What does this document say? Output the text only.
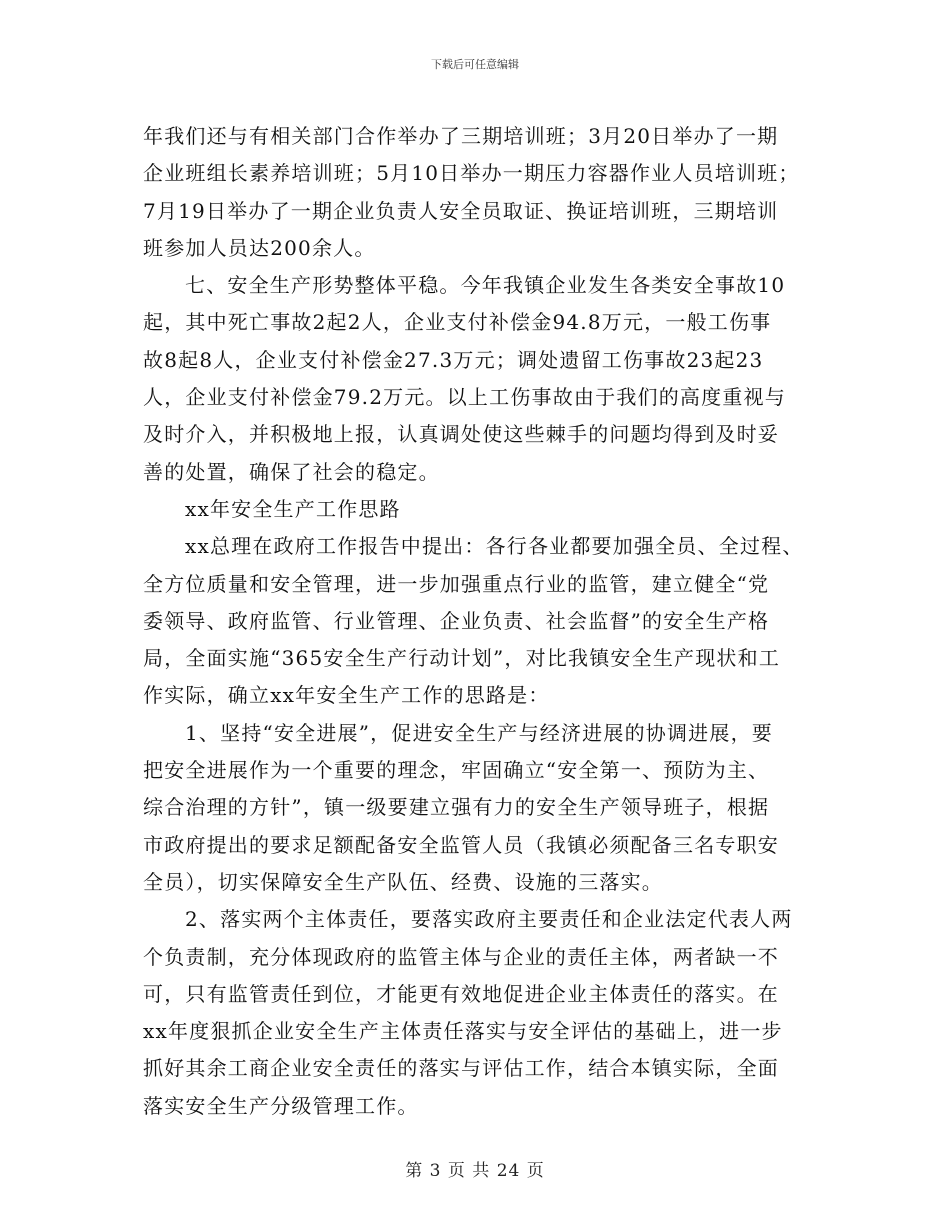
下载后可任意编辑
年我们还与有相关部门合作举办了三期培训班；3月20日举办了一期
企业班组长素养培训班；5月10日举办一期压力容器作业人员培训班；
7月19日举办了一期企业负责人安全员取证、换证培训班，三期培训
班参加人员达200余人。
七、安全生产形势整体平稳。今年我镇企业发生各类安全事故10
起，其中死亡事故2起2人，企业支付补偿金94.8万元，一般工伤事
故8起8人，企业支付补偿金27.3万元；调处遗留工伤事故23起23
人，企业支付补偿金79.2万元。以上工伤事故由于我们的高度重视与
及时介入，并积极地上报，认真调处使这些棘手的问题均得到及时妥
善的处置，确保了社会的稳定。
xx年安全生产工作思路
xx总理在政府工作报告中提出：各行各业都要加强全员、全过程、
全方位质量和安全管理，进一步加强重点行业的监管，建立健全“党
委领导、政府监管、行业管理、企业负责、社会监督”的安全生产格
局，全面实施“365安全生产行动计划”，对比我镇安全生产现状和工
作实际，确立xx年安全生产工作的思路是：
1、坚持“安全进展”，促进安全生产与经济进展的协调进展，要
把安全进展作为一个重要的理念，牢固确立“安全第一、预防为主、
综合治理的方针”，镇一级要建立强有力的安全生产领导班子，根据
市政府提出的要求足额配备安全监管人员（我镇必须配备三名专职安
全员），切实保障安全生产队伍、经费、设施的三落实。
2、落实两个主体责任，要落实政府主要责任和企业法定代表人两
个负责制，充分体现政府的监管主体与企业的责任主体，两者缺一不
可，只有监管责任到位，才能更有效地促进企业主体责任的落实。在
xx年度狠抓企业安全生产主体责任落实与安全评估的基础上，进一步
抓好其余工商企业安全责任的落实与评估工作，结合本镇实际，全面
落实安全生产分级管理工作。
第 3 页 共 24 页
